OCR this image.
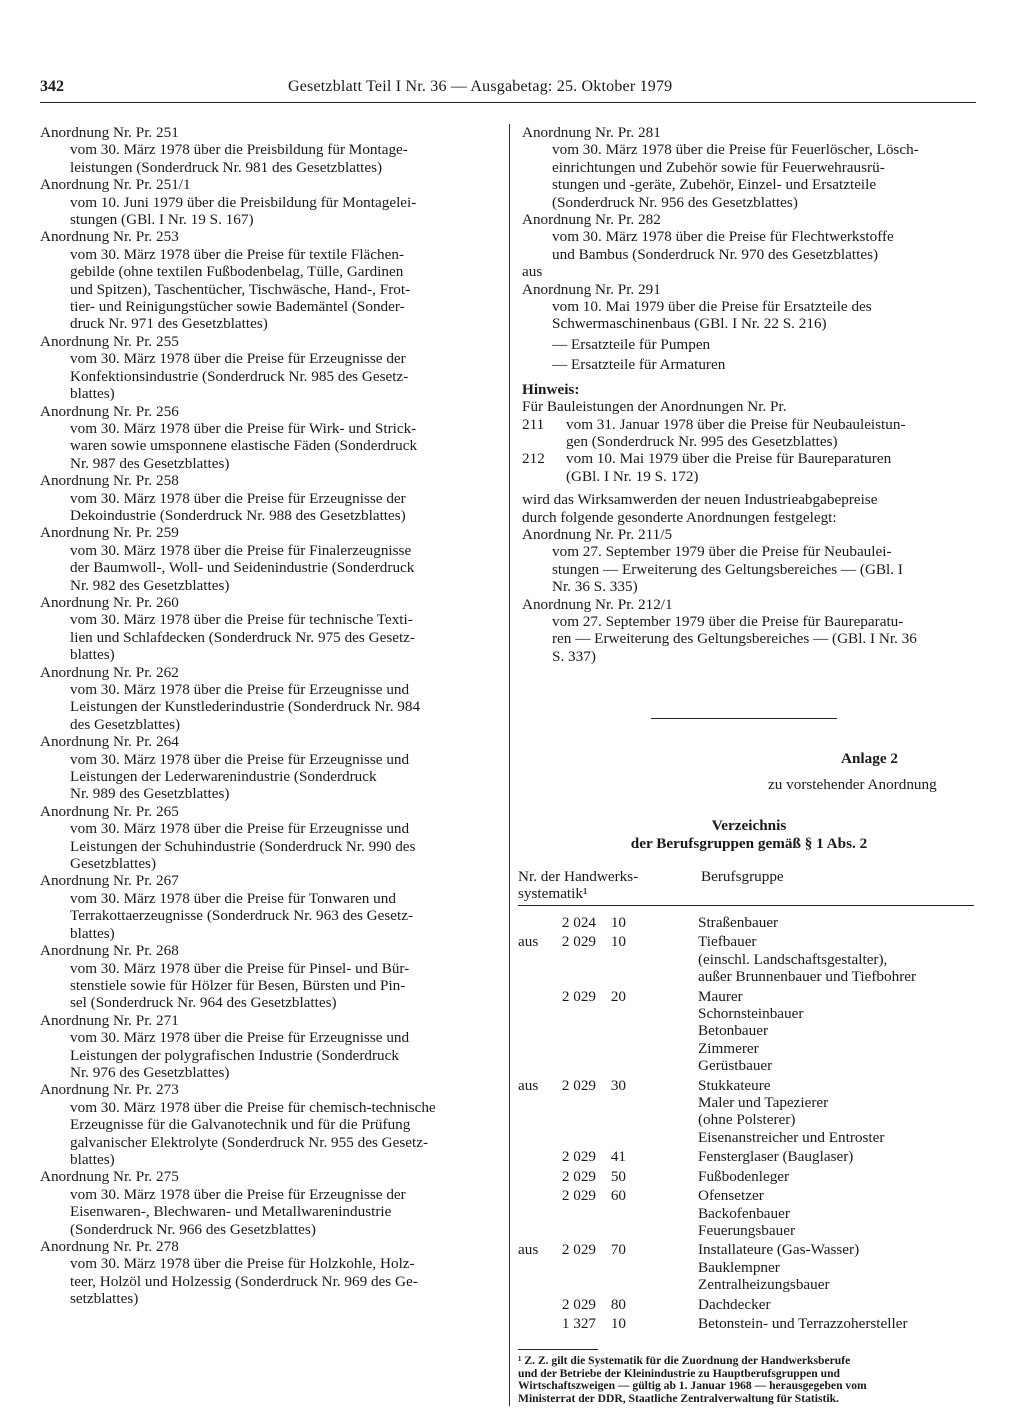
342	Gesetzblatt Teil I Nr. 36 — Ausgabetag: 25. Oktober 1979
Anordnung Nr. Pr. 251
vom 30. März 1978 über die Preisbildung für Montage-
leistungen (Sonderdruck Nr. 981 des Gesetzblattes)
Anordnung Nr. Pr. 251/1
vom 10. Juni 1979 über die Preisbildung für Montagelei-
stungen (GBl. I Nr. 19 S. 167)
Anordnung Nr. Pr. 253
vom 30. März 1978 über die Preise für textile Flächen-
gebilde (ohne textilen Fußbodenbelag, Tülle, Gardinen
und Spitzen), Taschentücher, Tischwäsche, Hand-, Frot-
tier- und Reinigungstücher sowie Bademäntel (Sonder-
druck Nr. 971 des Gesetzblattes)
Anordnung Nr. Pr. 255
vom 30. März 1978 über die Preise für Erzeugnisse der
Konfektionsindustrie (Sonderdruck Nr. 985 des Gesetz-
blattes)
Anordnung Nr. Pr. 256
vom 30. März 1978 über die Preise für Wirk- und Strick-
waren sowie umsponnene elastische Fäden (Sonderdruck
Nr. 987 des Gesetzblattes)
Anordnung Nr. Pr. 258
vom 30. März 1978 über die Preise für Erzeugnisse der
Dekoindustrie (Sonderdruck Nr. 988 des Gesetzblattes)
Anordnung Nr. Pr. 259
vom 30. März 1978 über die Preise für Finalerzeugnisse
der Baumwoll-, Woll- und Seidenindustrie (Sonderdruck
Nr. 982 des Gesetzblattes)
Anordnung Nr. Pr. 260
vom 30. März 1978 über die Preise für technische Texti-
lien und Schlafdecken (Sonderdruck Nr. 975 des Gesetz-
blattes)
Anordnung Nr. Pr. 262
vom 30. März 1978 über die Preise für Erzeugnisse und
Leistungen der Kunstlederindustrie (Sonderdruck Nr. 984
des Gesetzblattes)
Anordnung Nr. Pr. 264
vom 30. März 1978 über die Preise für Erzeugnisse und
Leistungen der Lederwarenindustrie (Sonderdruck
Nr. 989 des Gesetzblattes)
Anordnung Nr. Pr. 265
vom 30. März 1978 über die Preise für Erzeugnisse und
Leistungen der Schuhindustrie (Sonderdruck Nr. 990 des
Gesetzblattes)
Anordnung Nr. Pr. 267
vom 30. März 1978 über die Preise für Tonwaren und
Terrakottaerzeugnisse (Sonderdruck Nr. 963 des Gesetz-
blattes)
Anordnung Nr. Pr. 268
vom 30. März 1978 über die Preise für Pinsel- und Bür-
stenstiele sowie für Hölzer für Besen, Bürsten und Pin-
sel (Sonderdruck Nr. 964 des Gesetzblattes)
Anordnung Nr. Pr. 271
vom 30. März 1978 über die Preise für Erzeugnisse und
Leistungen der polygrafischen Industrie (Sonderdruck
Nr. 976 des Gesetzblattes)
Anordnung Nr. Pr. 273
vom 30. März 1978 über die Preise für chemisch-technische
Erzeugnisse für die Galvanotechnik und für die Prüfung
galvanischer Elektrolyte (Sonderdruck Nr. 955 des Gesetz-
blattes)
Anordnung Nr. Pr. 275
vom 30. März 1978 über die Preise für Erzeugnisse der
Eisenwaren-, Blechwaren- und Metallwarenindustrie
(Sonderdruck Nr. 966 des Gesetzblattes)
Anordnung Nr. Pr. 278
vom 30. März 1978 über die Preise für Holzkohle, Holz-
teer, Holzöl und Holzessig (Sonderdruck Nr. 969 des Ge-
setzblattes)
Anordnung Nr. Pr. 281
vom 30. März 1978 über die Preise für Feuerlöscher, Lösch-
einrichtungen und Zubehör sowie für Feuerwehrausrü-
stungen und -geräte, Zubehör, Einzel- und Ersatzteile
(Sonderdruck Nr. 956 des Gesetzblattes)
Anordnung Nr. Pr. 282
vom 30. März 1978 über die Preise für Flechtwerkstoffe
und Bambus (Sonderdruck Nr. 970 des Gesetzblattes)
aus
Anordnung Nr. Pr. 291
vom 10. Mai 1979 über die Preise für Ersatzteile des
Schwermaschinenbaus (GBl. I Nr. 22 S. 216)
— Ersatzteile für Pumpen
— Ersatzteile für Armaturen
Hinweis:
Für Bauleistungen der Anordnungen Nr. Pr.
211	vom 31. Januar 1978 über die Preise für Neubauleistun-
gen (Sonderdruck Nr. 995 des Gesetzblattes)
212	vom 10. Mai 1979 über die Preise für Baureparaturen
(GBl. I Nr. 19 S. 172)
wird das Wirksamwerden der neuen Industrieabgabepreise
durch folgende gesonderte Anordnungen festgelegt:
Anordnung Nr. Pr. 211/5
vom 27. September 1979 über die Preise für Neubaulei-
stungen — Erweiterung des Geltungsbereiches — (GBl. I
Nr. 36 S. 335)
Anordnung Nr. Pr. 212/1
vom 27. September 1979 über die Preise für Baureparatu-
ren — Erweiterung des Geltungsbereiches — (GBl. I Nr. 36
S. 337)
Anlage 2
zu vorstehender Anordnung
Verzeichnis
der Berufsgruppen gemäß § 1 Abs. 2
Nr. der Handwerks-
systematik¹
Berufsgruppe
2 024 10	Straßenbauer
aus	2 029 10	Tiefbauer
(einschl. Landschaftsgestalter),
außer Brunnenbauer und Tiefbohrer
2 029 20	Maurer
Schornsteinbauer
Betonbauer
Zimmerer
Gerüstbauer
aus	2 029 30	Stukkateure
Maler und Tapezierer
(ohne Polsterer)
Eisenanstreicher und Entroster
2 029 41	Fensterglaser (Bauglaser)
2 029 50	Fußbodenleger
2 029 60	Ofensetzer
Backofenbauer
Feuerungsbauer
aus	2 029 70	Installateure (Gas-Wasser)
Bauklempner
Zentralheizungsbauer
2 029 80	Dachdecker
1 327 10	Betonstein- und Terrazzohersteller
¹ Z. Z. gilt die Systematik für die Zuordnung der Handwerksberufe
und der Betriebe der Kleinindustrie zu Hauptberufsgruppen und
Wirtschaftszweigen — gültig ab 1. Januar 1968 — herausgegeben vom
Ministerrat der DDR, Staatliche Zentralverwaltung für Statistik.
